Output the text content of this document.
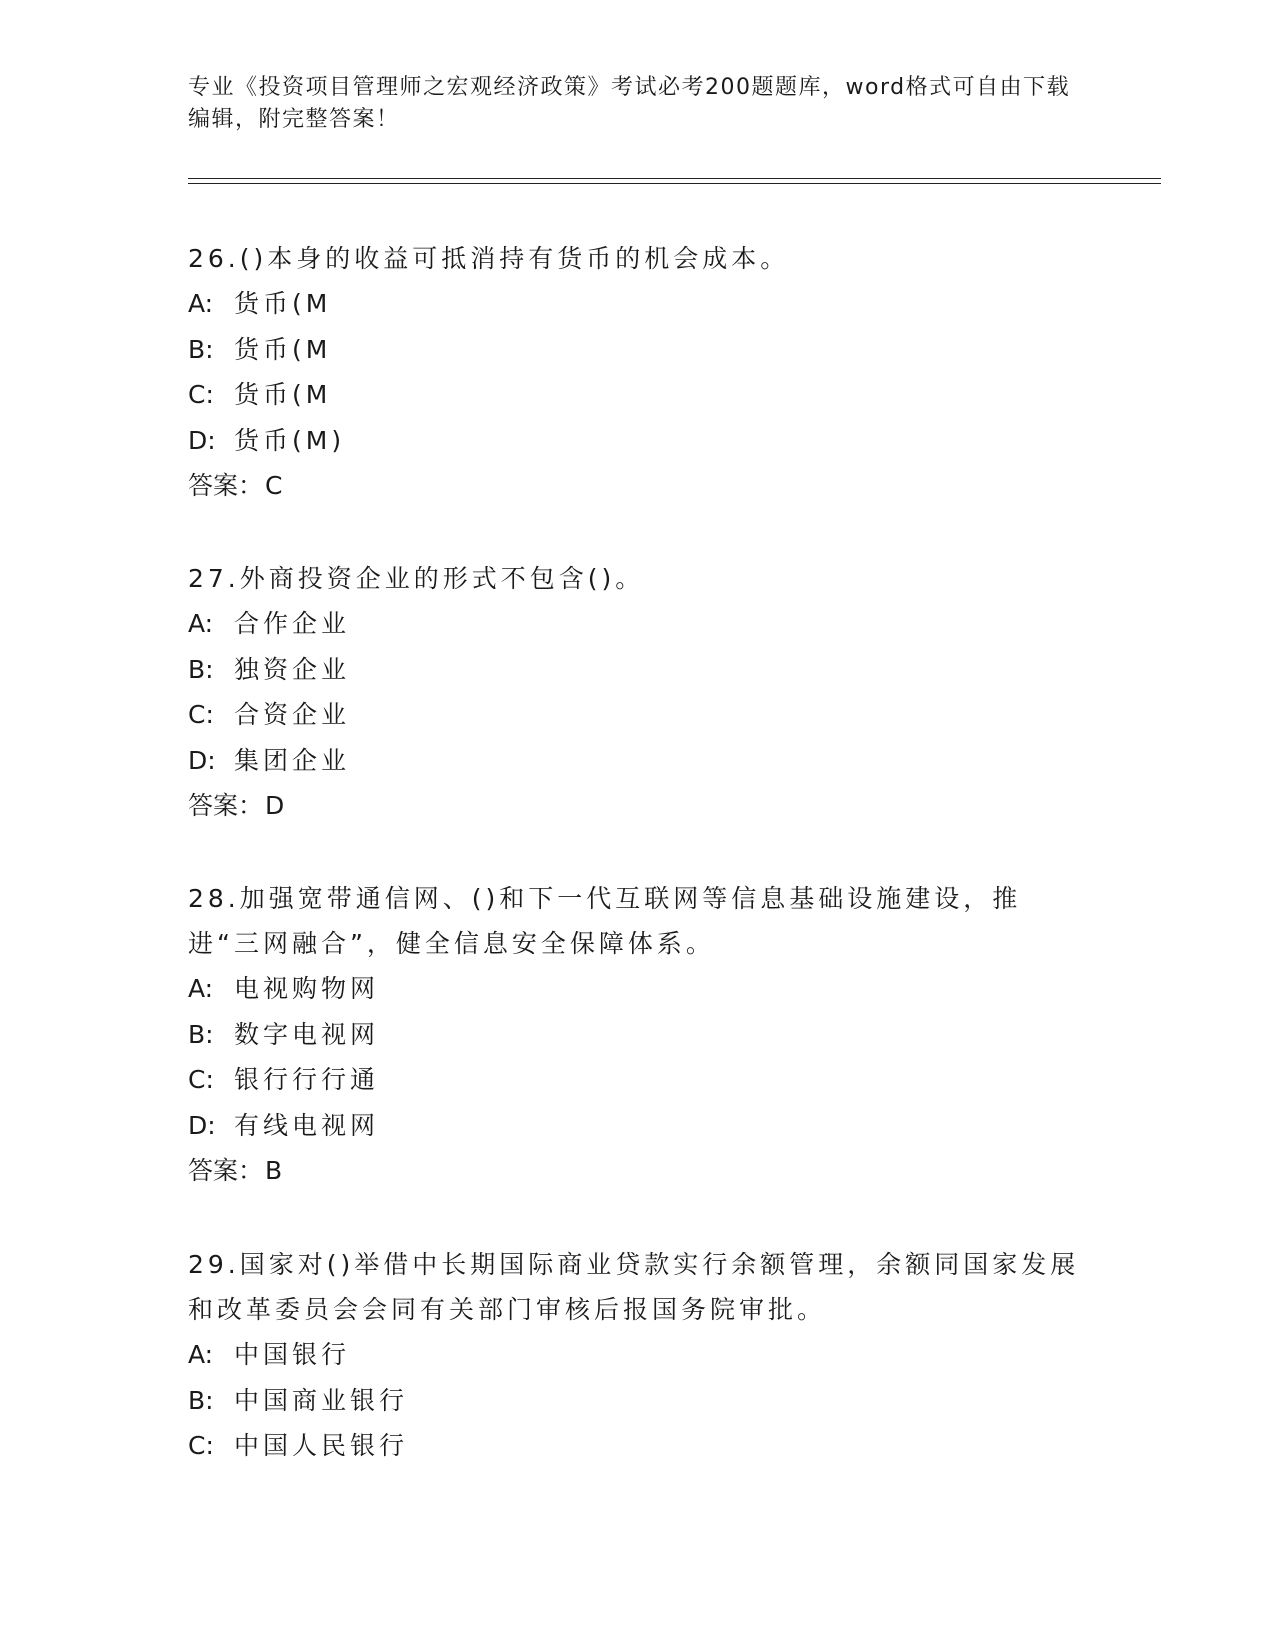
专业《投资项目管理师之宏观经济政策》考试必考200题题库，word格式可自由下载编辑，附完整答案！

26.()本身的收益可抵消持有货币的机会成本。

A: 货币(M

B: 货币(M

C: 货币(M

D: 货币(M)

答案：C

27.外商投资企业的形式不包含()。

A: 合作企业

B: 独资企业

C: 合资企业

D: 集团企业

答案：D

28.加强宽带通信网、()和下一代互联网等信息基础设施建设，推进“三网融合”，健全信息安全保障体系。

A: 电视购物网

B: 数字电视网

C: 银行行行通

D: 有线电视网

答案：B

29.国家对()举借中长期国际商业贷款实行余额管理，余额同国家发展和改革委员会会同有关部门审核后报国务院审批。

A: 中国银行

B: 中国商业银行

C: 中国人民银行
